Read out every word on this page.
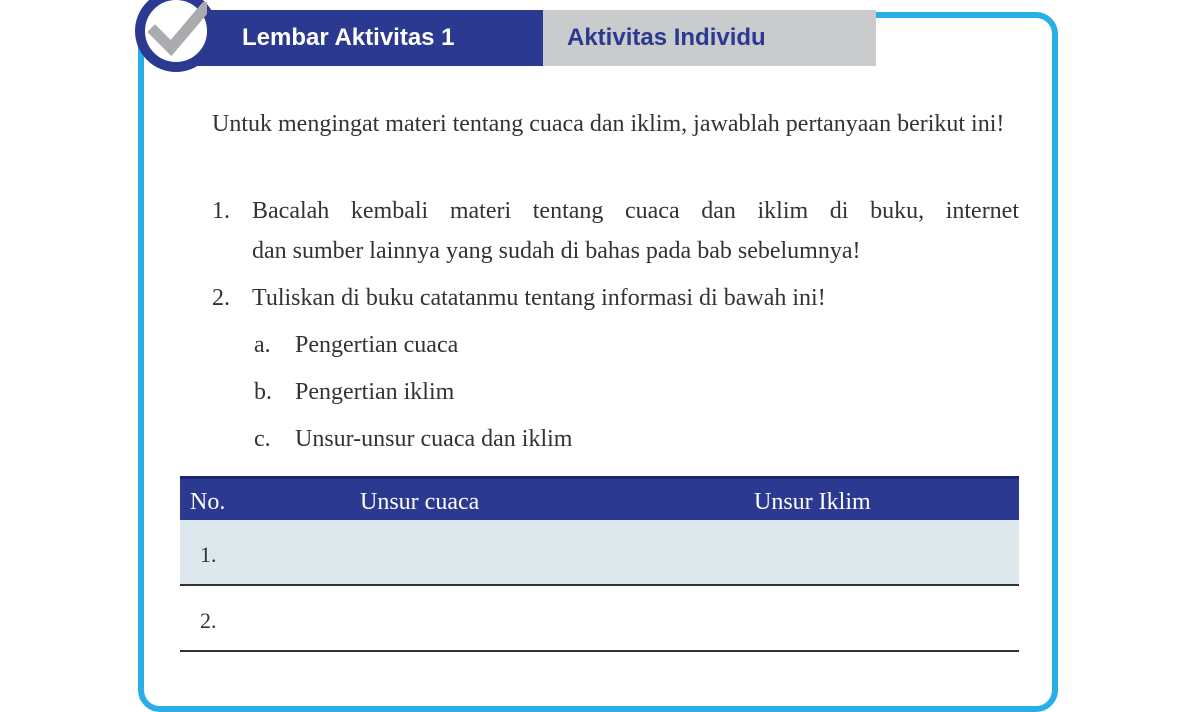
Lembar Aktivitas 1	Aktivitas Individu
Untuk mengingat materi tentang cuaca dan iklim, jawablah pertanyaan berikut ini!
1. Bacalah kembali materi tentang cuaca dan iklim di buku, internet
dan sumber lainnya yang sudah di bahas pada bab sebelumnya!
2. Tuliskan di buku catatanmu tentang informasi di bawah ini!
a. Pengertian cuaca
b. Pengertian iklim
c. Unsur-unsur cuaca dan iklim
No.	Unsur cuaca	Unsur Iklim
1.
2.
